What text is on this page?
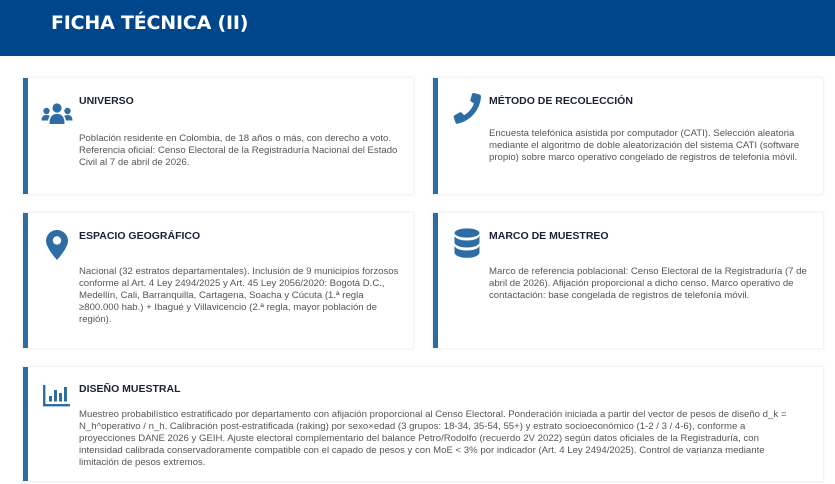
FICHA TÉCNICA (II)
UNIVERSO
Población residente en Colombia, de 18 años o más, con derecho a voto. Referencia oficial: Censo Electoral de la Registraduría Nacional del Estado Civil al 7 de abril de 2026.
MÉTODO DE RECOLECCIÓN
Encuesta telefónica asistida por computador (CATI). Selección aleatoria mediante el algoritmo de doble aleatorización del sistema CATI (software propio) sobre marco operativo congelado de registros de telefonía móvil.
ESPACIO GEOGRÁFICO
Nacional (32 estratos departamentales). Inclusión de 9 municipios forzosos conforme al Art. 4 Ley 2494/2025 y Art. 45 Ley 2056/2020: Bogotá D.C., Medellín, Cali, Barranquilla, Cartagena, Soacha y Cúcuta (1.ª regla ≥800.000 hab.) + Ibagué y Villavicencio (2.ª regla, mayor población de región).
MARCO DE MUESTREO
Marco de referencia poblacional: Censo Electoral de la Registraduría (7 de abril de 2026). Afijación proporcional a dicho censo. Marco operativo de contactación: base congelada de registros de telefonía móvil.
DISEÑO MUESTRAL
Muestreo probabilístico estratificado por departamento con afijación proporcional al Censo Electoral. Ponderación iniciada a partir del vector de pesos de diseño d_k = N_h^operativo / n_h. Calibración post-estratificada (raking) por sexo×edad (3 grupos: 18-34, 35-54, 55+) y estrato socioeconómico (1-2 / 3 / 4-6), conforme a proyecciones DANE 2026 y GEIH. Ajuste electoral complementario del balance Petro/Rodolfo (recuerdo 2V 2022) según datos oficiales de la Registraduría, con intensidad calibrada conservadoramente compatible con el capado de pesos y con MoE < 3% por indicador (Art. 4 Ley 2494/2025). Control de varianza mediante limitación de pesos extremos.
